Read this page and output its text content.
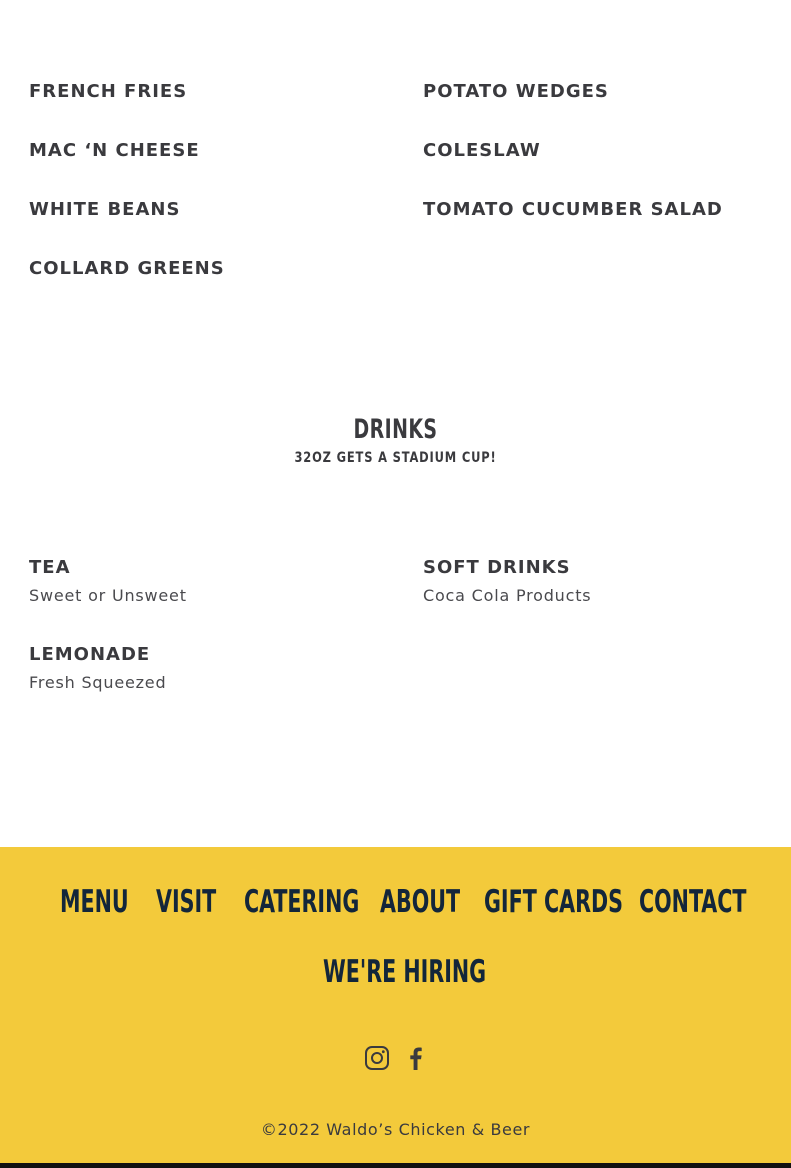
FRENCH FRIES	POTATO WEDGES
MAC ‘N CHEESE	COLESLAW
WHITE BEANS	TOMATO CUCUMBER SALAD
COLLARD GREENS
DRINKS
32OZ GETS A STADIUM CUP!
TEA
Sweet or Unsweet
SOFT DRINKS
Coca Cola Products
LEMONADE
Fresh Squeezed
MENU VISIT CATERING ABOUT GIFT CARDS CONTACT
WE'RE HIRING
©2022 Waldo’s Chicken & Beer
